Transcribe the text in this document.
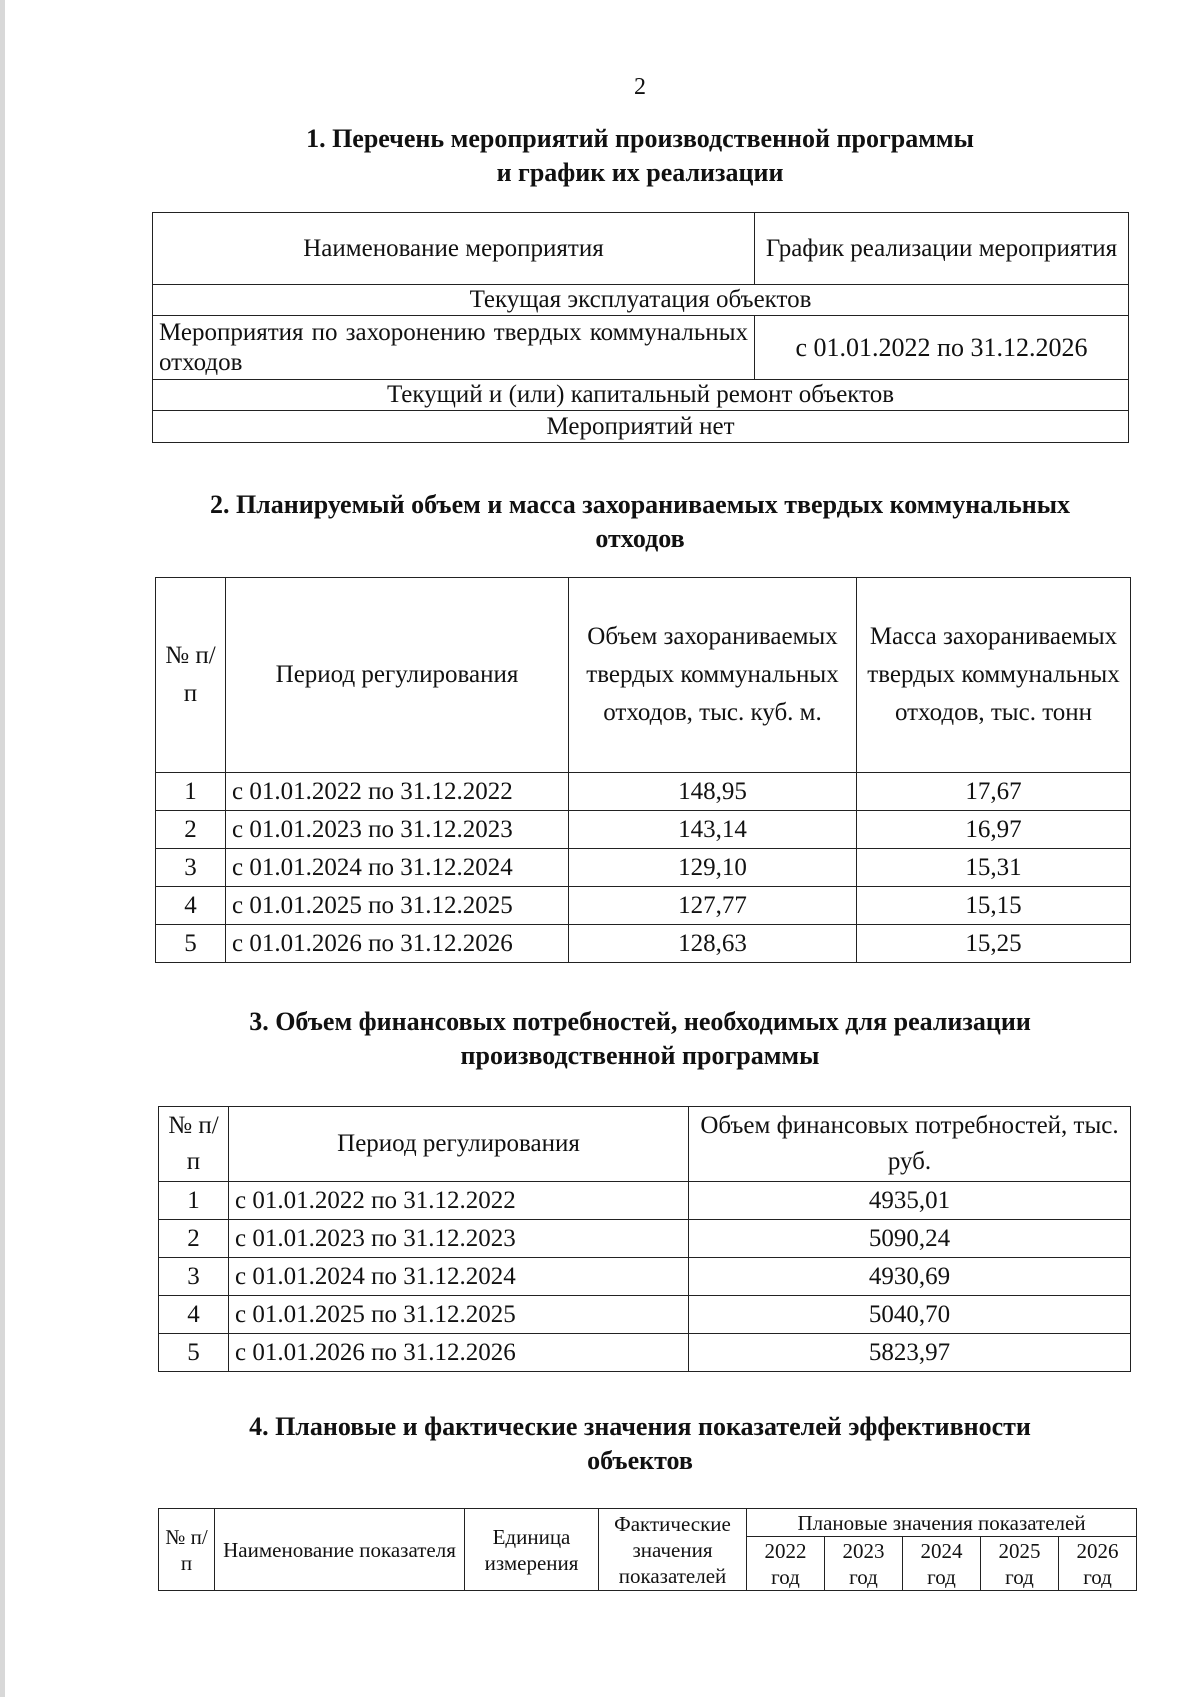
2
1. Перечень мероприятий производственной программы
и график их реализации
Наименование мероприятия	График реализации мероприятия
Текущая эксплуатация объектов	
Мероприятия по захоронению твердых коммунальных отходов	с 01.01.2022 по 31.12.2026
Текущий и (или) капитальный ремонт объектов	
Мероприятий нет	
2. Планируемый объем и масса захораниваемых твердых коммунальных
отходов
№ п/п	Период регулирования	Объем захораниваемых твердых коммунальных отходов, тыс. куб. м.	Масса захораниваемых твердых коммунальных отходов, тыс. тонн
1	с 01.01.2022 по 31.12.2022	148,95	17,67
2	с 01.01.2023 по 31.12.2023	143,14	16,97
3	с 01.01.2024 по 31.12.2024	129,10	15,31
4	с 01.01.2025 по 31.12.2025	127,77	15,15
5	с 01.01.2026 по 31.12.2026	128,63	15,25
3. Объем финансовых потребностей, необходимых для реализации
производственной программы
№ п/п	Период регулирования	Объем финансовых потребностей, тыс. руб.
1	с 01.01.2022 по 31.12.2022	4935,01
2	с 01.01.2023 по 31.12.2023	5090,24
3	с 01.01.2024 по 31.12.2024	4930,69
4	с 01.01.2025 по 31.12.2025	5040,70
5	с 01.01.2026 по 31.12.2026	5823,97
4. Плановые и фактические значения показателей эффективности
объектов
№ п/п	Наименование показателя	Единица измерения	Фактические значения показателей	Плановые значения показателей				
				2022 год	2023 год	2024 год	2025 год	2026 год
